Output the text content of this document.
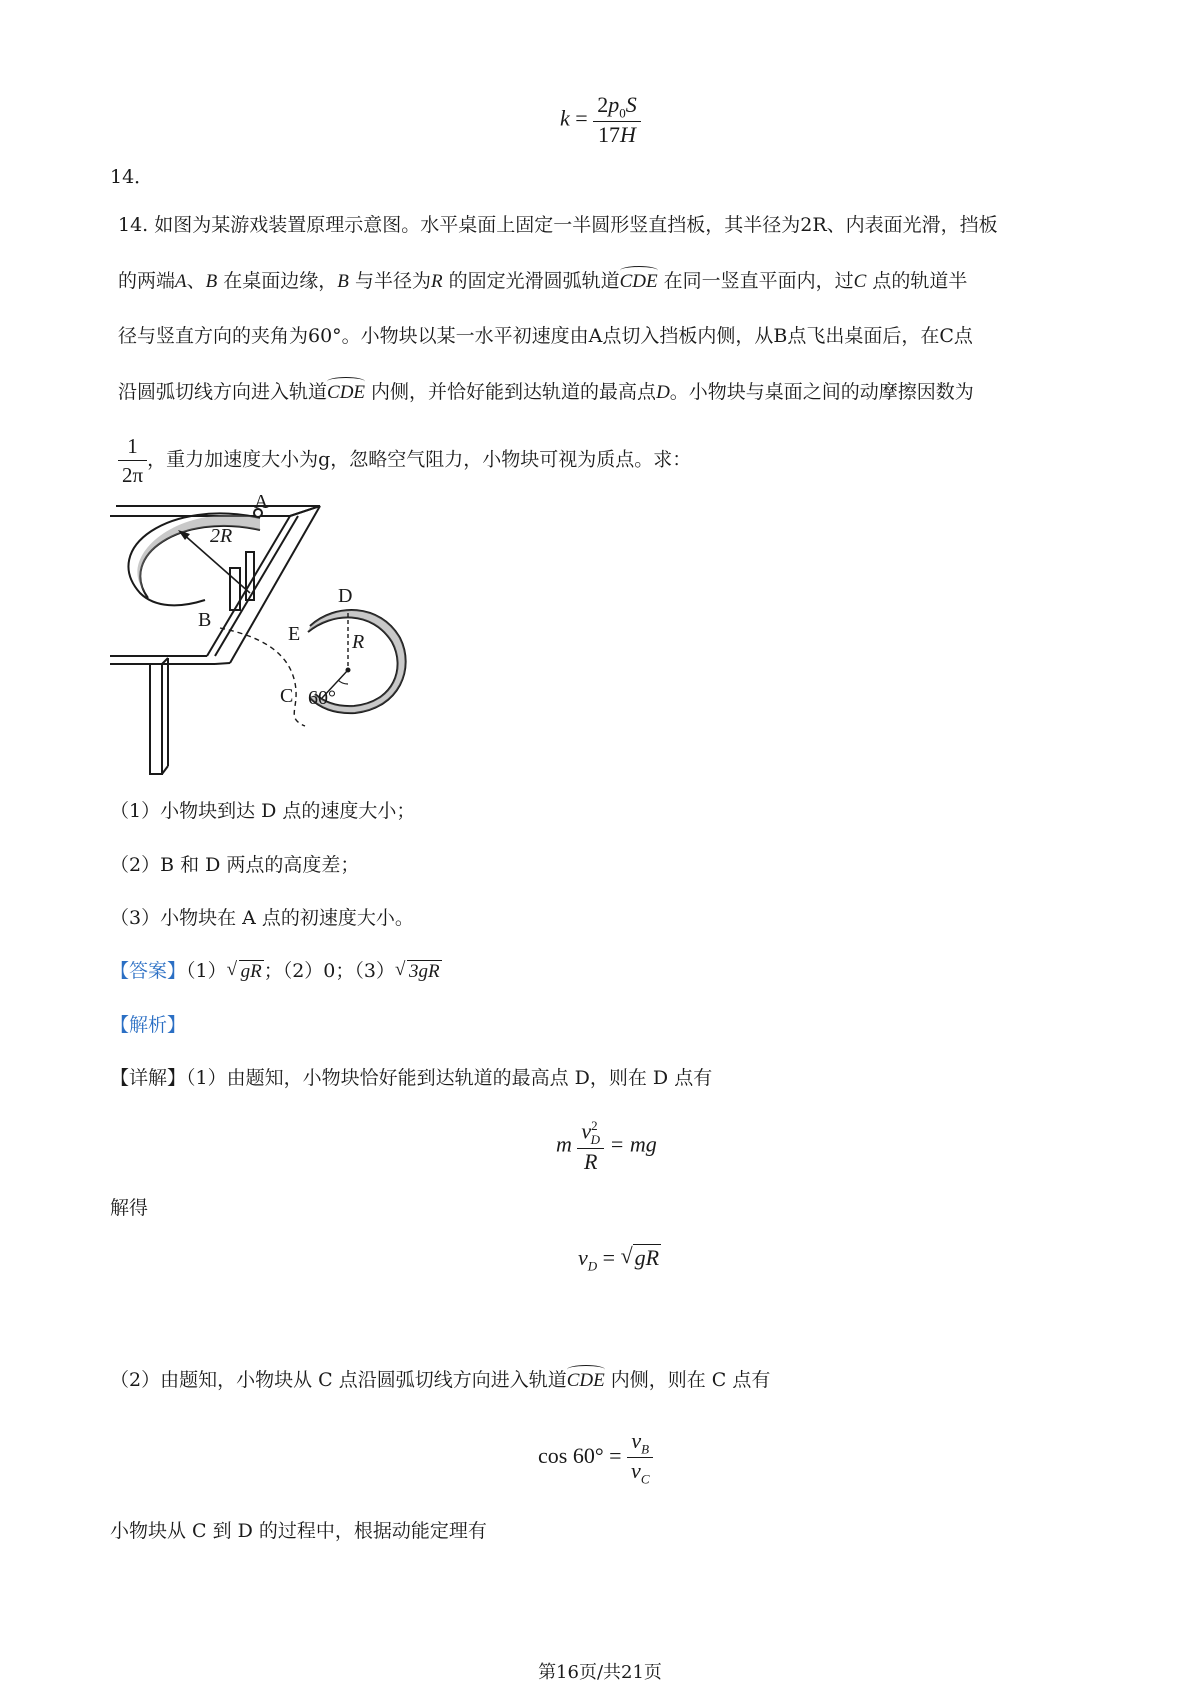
$k = \frac{2p_0S}{17H}$
14．
14. 如图为某游戏装置原理示意图。水平桌面上固定一半圆形竖直挡板，其半径为2R、内表面光滑，挡板
的两端A、B 在桌面边缘，B 与半径为R 的固定光滑圆弧轨道CDE 在同一竖直平面内，过C 点的轨道半
径与竖直方向的夹角为60°。小物块以某一水平初速度由A点切入挡板内侧，从B点飞出桌面后，在C点
沿圆弧切线方向进入轨道CDE 内侧，并恰好能到达轨道的最高点D。小物块与桌面之间的动摩擦因数为
$\frac{1}{2\pi}$ ，重力加速度大小为g，忽略空气阻力，小物块可视为质点。求：
A
2R
B
D
E	R
C 60°
（1）小物块到达 D 点的速度大小；
（2）B 和 D 两点的高度差；
（3）小物块在 A 点的初速度大小。
【答案】（1） √ gR ；（2）0；（3） √ 3gR
【解析】
【详解】（1）由题知，小物块恰好能到达轨道的最高点 D，则在 D 点有
m $\frac{v^2_D}{R}$ = mg
解得
$v_D$ = √ gR
（2）由题知，小物块从 C 点沿圆弧切线方向进入轨道CDE 内侧，则在 C 点有
$\cos 60^\circ = \frac{v_B}{v_C}$
小物块从 C 到 D 的过程中，根据动能定理有
第16页/共21页
